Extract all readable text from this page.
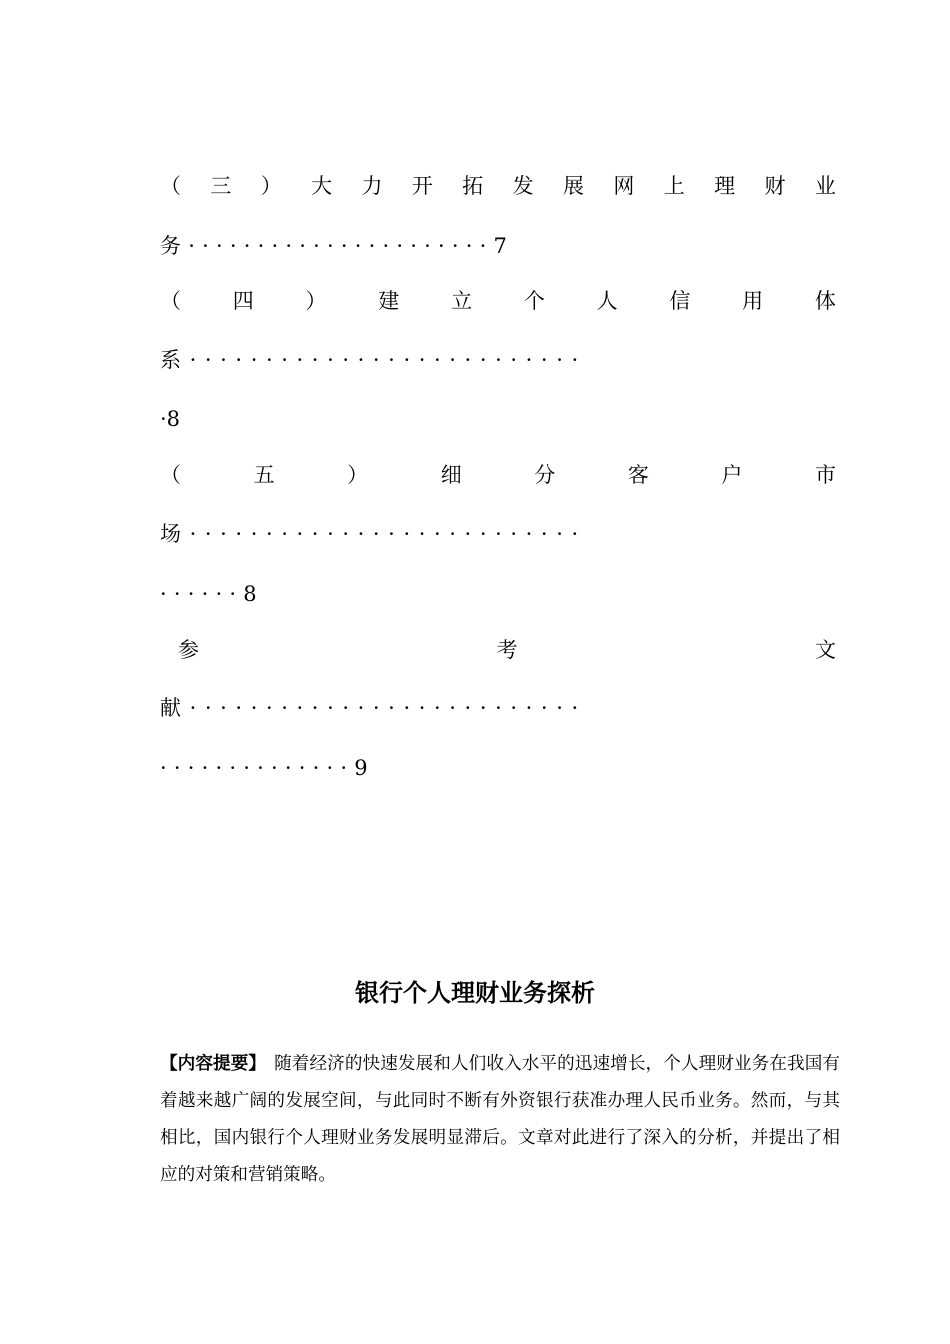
（ 三 ） 大 力 开 拓 发 展 网 上 理 财 业
务······················7
（ 四 ） 建 立 个 人 信 用 体
系··························
·8
（	五	）	细	分	客	户	市
场··························
······8
参	考	文
献··························
··············9
银行个人理财业务探析
【内容提要】 随着经济的快速发展和人们收入水平的迅速增长，个人理财业务在我国有着越来越广阔的发展空间，与此同时不断有外资银行获准办理人民币业务。然而，与其相比，国内银行个人理财业务发展明显滞后。文章对此进行了深入的分析，并提出了相应的对策和营销策略。
